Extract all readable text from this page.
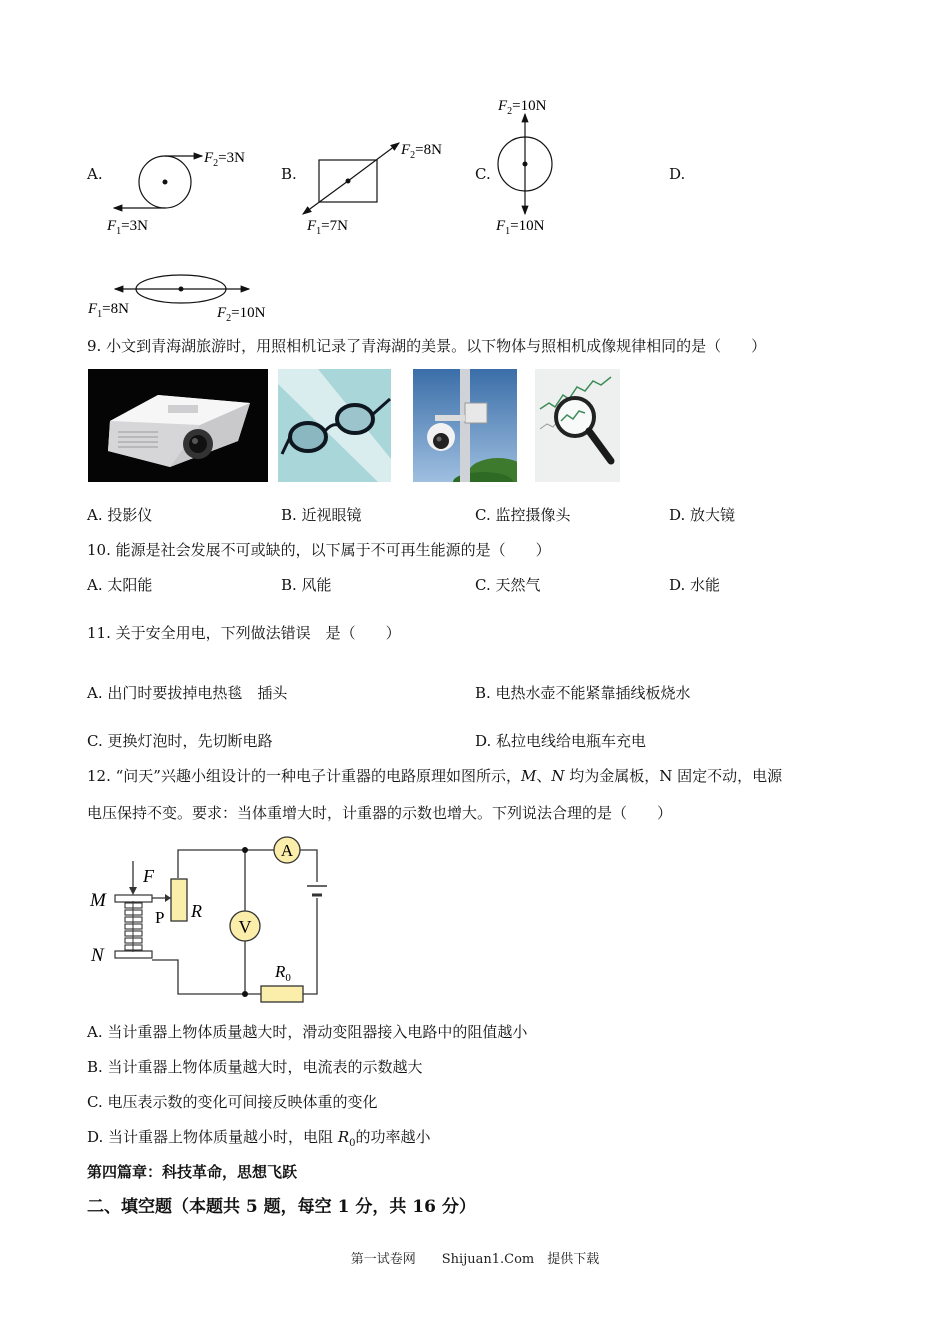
A.
$F_2=3N$
$F_1=3N$
B.
$F_2=8N$
$F_1=7N$
C.
$F_2=10N$
$F_1=10N$
D.
$F_1=8N$	$F_2=10N$
9. 小文到青海湖旅游时，用照相机记录了青海湖的美景。以下物体与照相机成像规律相同的是（　　）
A. 投影仪	B. 近视眼镜	C. 监控摄像头	D. 放大镜
10. 能源是社会发展不可或缺的，以下属于不可再生能源的是（　　）
A. 太阳能	B. 风能	C. 天然气	D. 水能
11. 关于安全用电，下列做法错误　是（　　）
A. 出门时要拔掉电热毯　插头	B. 电热水壶不能紧靠插线板烧水
C. 更换灯泡时，先切断电路	D. 私拉电线给电瓶车充电
12. “问天”兴趣小组设计的一种电子计重器的电路原理如图所示，M、N 均为金属板，N 固定不动，电源
电压保持不变。要求：当体重增大时，计重器的示数也增大。下列说法合理的是（　　）
A
V
R
P
$R_0$
F
M
N
A. 当计重器上物体质量越大时，滑动变阻器接入电路中的阻值越小
B. 当计重器上物体质量越大时，电流表的示数越大
C. 电压表示数的变化可间接反映体重的变化
D. 当计重器上物体质量越小时，电阻 $R_0$的功率越小
第四篇章：科技革命，思想飞跃
二、填空题（本题共 5 题，每空 1 分，共 16 分）
第一试卷网　　Shijuan1.Com　提供下载
